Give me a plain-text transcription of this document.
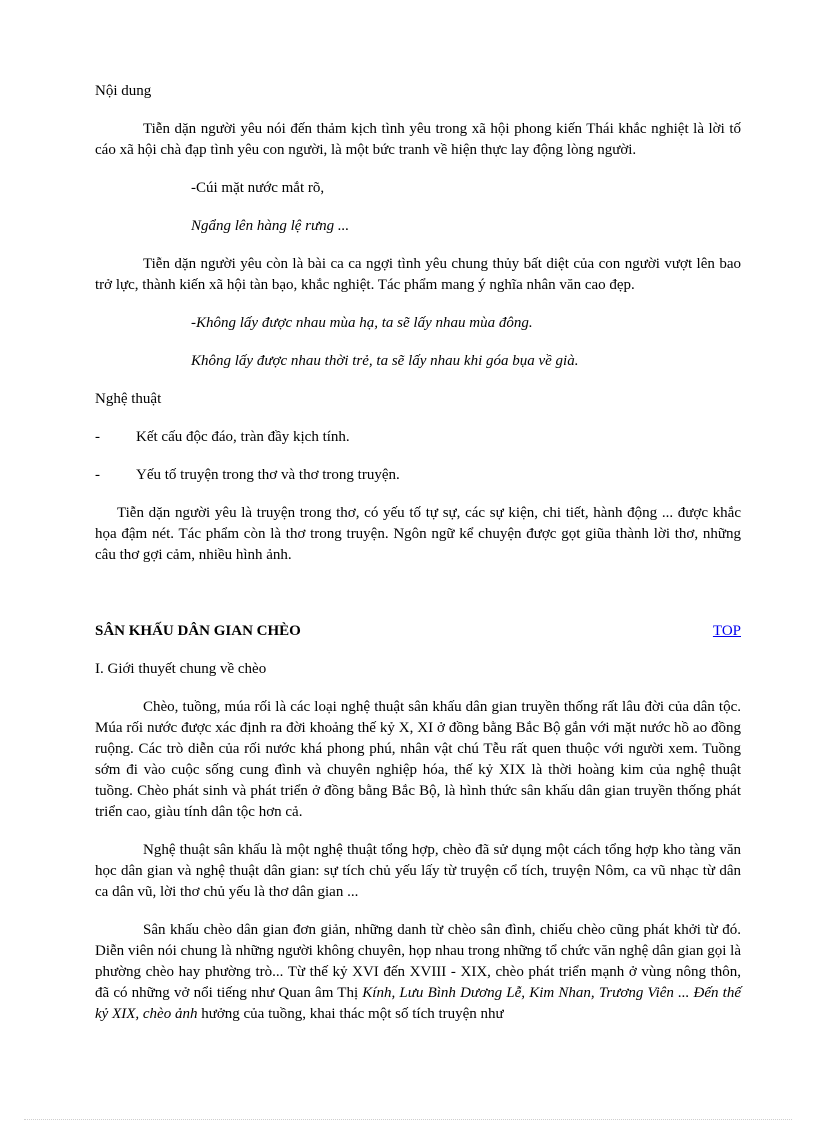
Nội dung

Tiễn dặn người yêu nói đến thảm kịch tình yêu trong xã hội phong kiến Thái khắc nghiệt là lời tố cáo xã hội chà đạp tình yêu con người, là một bức tranh về hiện thực lay động lòng người.

-Cúi mặt nước mắt rõ,

Ngẩng lên hàng lệ rưng ...

Tiễn dặn người yêu còn là bài ca ca ngợi tình yêu chung thủy bất diệt của con người vượt lên bao trở lực, thành kiến xã hội tàn bạo, khắc nghiệt. Tác phẩm mang ý nghĩa nhân văn cao đẹp.

-Không lấy được nhau mùa hạ, ta sẽ lấy nhau mùa đông.

Không lấy được nhau thời trẻ, ta sẽ lấy nhau khi góa bụa về già.

Nghệ thuật

-	Kết cấu độc đáo, tràn đầy kịch tính.

-	Yếu tố truyện trong thơ và thơ trong truyện.

Tiễn dặn người yêu là truyện trong thơ, có yếu tố tự sự, các sự kiện, chi tiết, hành động ... được khắc họa đậm nét. Tác phẩm còn là thơ trong truyện. Ngôn ngữ kể chuyện được gọt giũa thành lời thơ, những câu thơ gợi cảm, nhiều hình ảnh.

SÂN KHẤU DÂN GIAN CHÈO	TOP

I. Giới thuyết chung về chèo

Chèo, tuồng, múa rối là các loại nghệ thuật sân khấu dân gian truyền thống rất lâu đời của dân tộc. Múa rối nước được xác định ra đời khoảng thế kỷ X, XI ở đồng bằng Bắc Bộ gắn với mặt nước hồ ao đồng ruộng. Các trò diễn của rối nước khá phong phú, nhân vật chú Tễu rất quen thuộc với người xem. Tuồng sớm đi vào cuộc sống cung đình và chuyên nghiệp hóa, thế kỷ XIX là thời hoàng kim của nghệ thuật tuồng. Chèo phát sinh và phát triển ở đồng bằng Bắc Bộ, là hình thức sân khấu dân gian truyền thống phát triển cao, giàu tính dân tộc hơn cả.

Nghệ thuật sân khấu là một nghệ thuật tổng hợp, chèo đã sử dụng một cách tổng hợp kho tàng văn học dân gian và nghệ thuật dân gian: sự tích chủ yếu lấy từ truyện cổ tích, truyện Nôm, ca vũ nhạc từ dân ca dân vũ, lời thơ chủ yếu là thơ dân gian ...

Sân khấu chèo dân gian đơn giản, những danh từ chèo sân đình, chiếu chèo cũng phát khởi từ đó. Diễn viên nói chung là những người không chuyên, họp nhau trong những tổ chức văn nghệ dân gian gọi là phường chèo hay phường trò... Từ thế kỷ XVI đến XVIII - XIX, chèo phát triển mạnh ở vùng nông thôn, đã có những vở nổi tiếng như Quan âm Thị Kính, Lưu Bình Dương Lễ, Kim Nhan, Trương Viên ... Đến thế kỷ XIX, chèo ảnh hưởng của tuồng, khai thác một số tích truyện như
